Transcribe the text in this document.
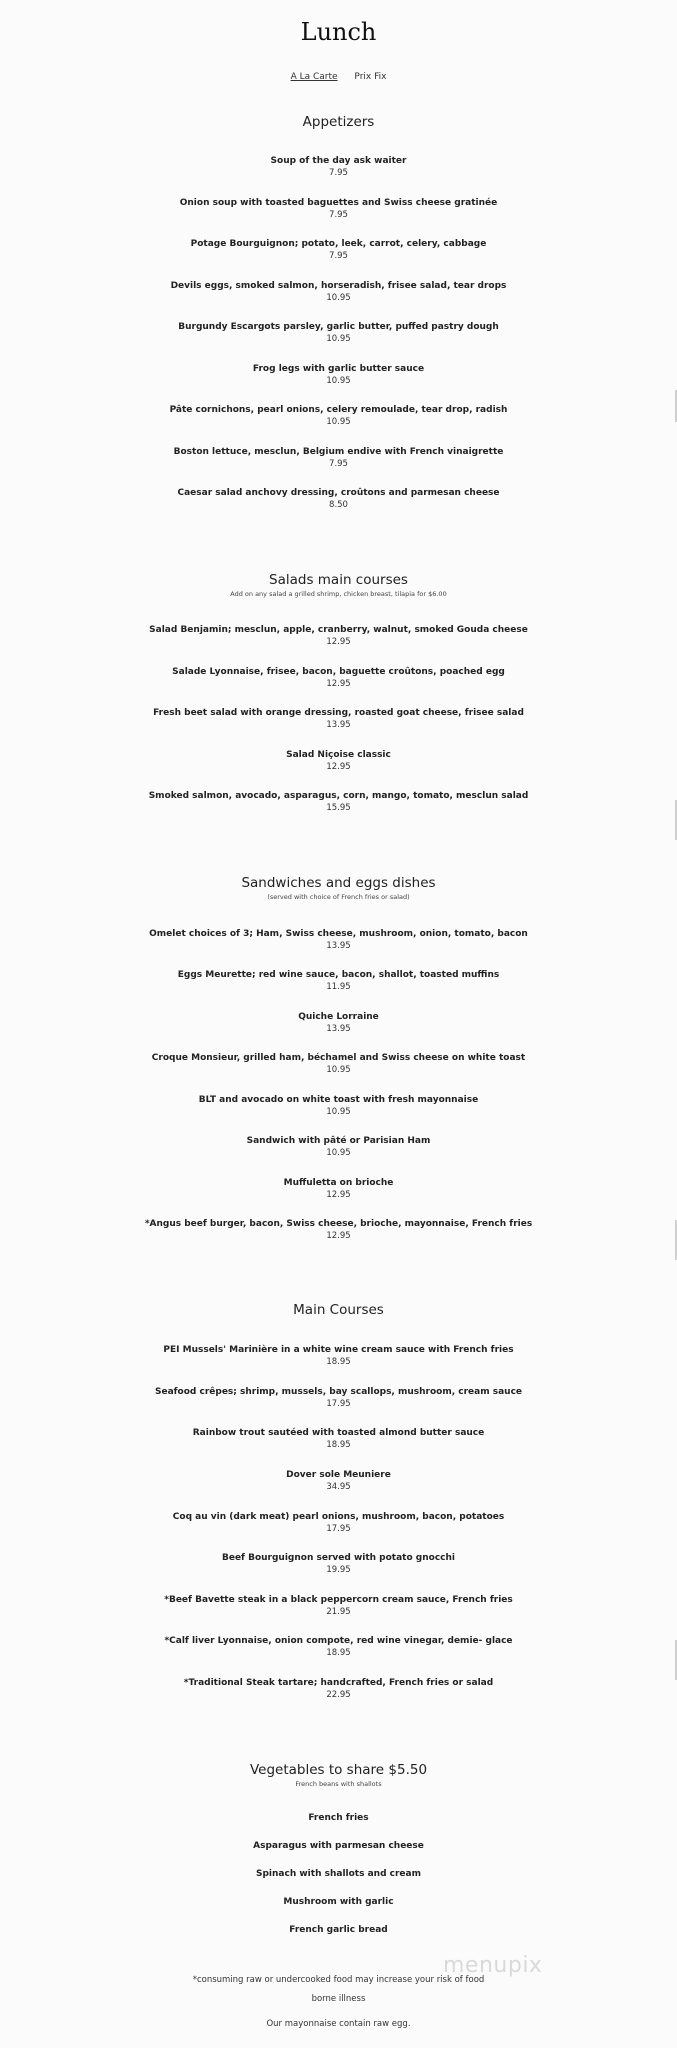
Lunch
A La Carte Prix Fix
Appetizers
Soup of the day ask waiter
7.95
Onion soup with toasted baguettes and Swiss cheese gratinée
7.95
Potage Bourguignon; potato, leek, carrot, celery, cabbage
7.95
Devils eggs, smoked salmon, horseradish, frisee salad, tear drops
10.95
Burgundy Escargots parsley, garlic butter, puffed pastry dough
10.95
Frog legs with garlic butter sauce
10.95
Pâte cornichons, pearl onions, celery remoulade, tear drop, radish
10.95
Boston lettuce, mesclun, Belgium endive with French vinaigrette
7.95
Caesar salad anchovy dressing, croûtons and parmesan cheese
8.50
Salads main courses
Add on any salad a grilled shrimp, chicken breast, tilapia for $6.00
Salad Benjamin; mesclun, apple, cranberry, walnut, smoked Gouda cheese
12.95
Salade Lyonnaise, frisee, bacon, baguette croûtons, poached egg
12.95
Fresh beet salad with orange dressing, roasted goat cheese, frisee salad
13.95
Salad Niçoise classic
12.95
Smoked salmon, avocado, asparagus, corn, mango, tomato, mesclun salad
15.95
Sandwiches and eggs dishes
(served with choice of French fries or salad)
Omelet choices of 3; Ham, Swiss cheese, mushroom, onion, tomato, bacon
13.95
Eggs Meurette; red wine sauce, bacon, shallot, toasted muffins
11.95
Quiche Lorraine
13.95
Croque Monsieur, grilled ham, béchamel and Swiss cheese on white toast
10.95
BLT and avocado on white toast with fresh mayonnaise
10.95
Sandwich with pâté or Parisian Ham
10.95
Muffuletta on brioche
12.95
*Angus beef burger, bacon, Swiss cheese, brioche, mayonnaise, French fries
12.95
Main Courses
PEI Mussels' Marinière in a white wine cream sauce with French fries
18.95
Seafood crêpes; shrimp, mussels, bay scallops, mushroom, cream sauce
17.95
Rainbow trout sautéed with toasted almond butter sauce
18.95
Dover sole Meuniere
34.95
Coq au vin (dark meat) pearl onions, mushroom, bacon, potatoes
17.95
Beef Bourguignon served with potato gnocchi
19.95
*Beef Bavette steak in a black peppercorn cream sauce, French fries
21.95
*Calf liver Lyonnaise, onion compote, red wine vinegar, demie- glace
18.95
*Traditional Steak tartare; handcrafted, French fries or salad
22.95
Vegetables to share $5.50
French beans with shallots
French fries
Asparagus with parmesan cheese
Spinach with shallots and cream
Mushroom with garlic
French garlic bread
*consuming raw or undercooked food may increase your risk of food
borne illness
Our mayonnaise contain raw egg.
menupix
